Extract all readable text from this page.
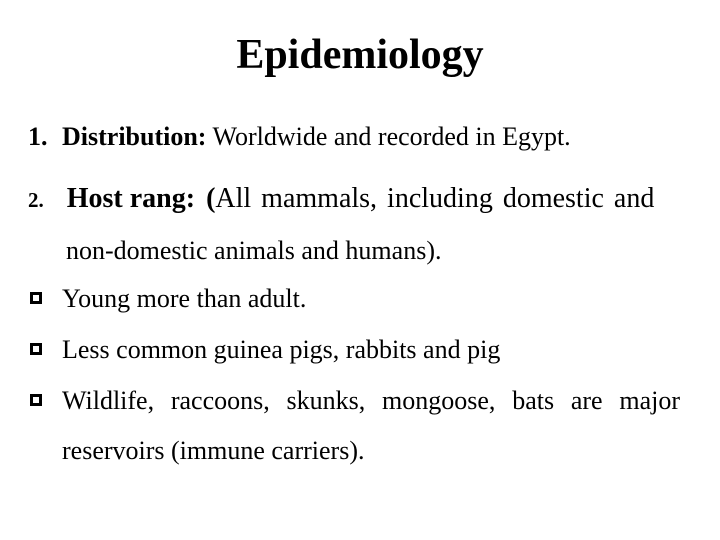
Epidemiology
1. Distribution: Worldwide and recorded in Egypt.
2. Host rang: (All mammals, including domestic and
non-domestic animals and humans).
Young more than adult.
Less common guinea pigs, rabbits and pig
Wildlife, raccoons, skunks, mongoose, bats are major
reservoirs (immune carriers).
